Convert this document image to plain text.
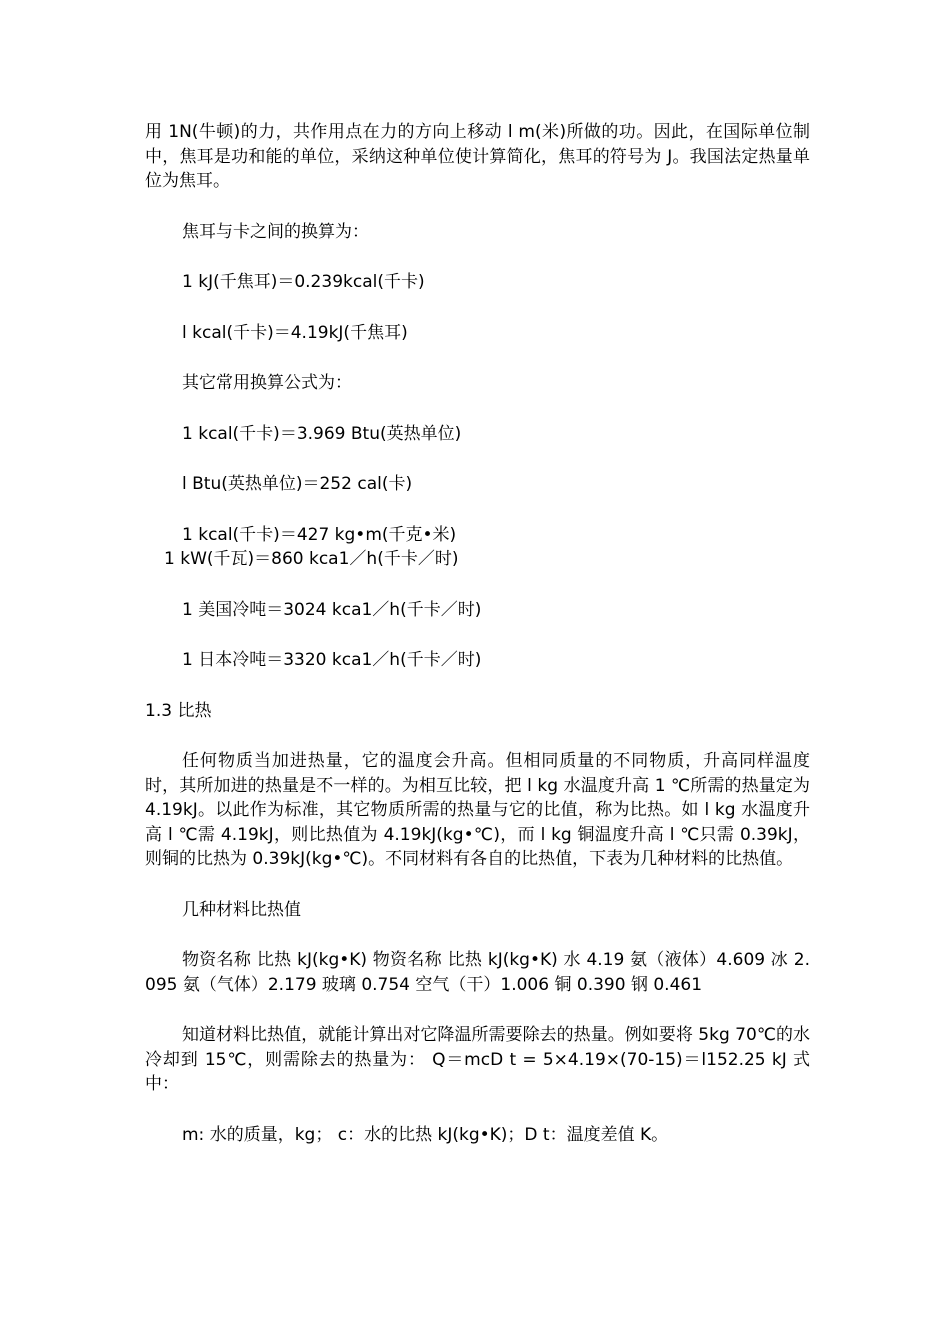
用 1N(牛顿)的力，共作用点在力的方向上移动 l m(米)所做的功。因此，在国际单位制中，焦耳是功和能的单位，采纳这种单位使计算简化，焦耳的符号为 J。我国法定热量单位为焦耳。

焦耳与卡之间的换算为：

1 kJ(千焦耳)＝0.239kcal(千卡)

l kcal(千卡)＝4.19kJ(千焦耳)

其它常用换算公式为：

1 kcal(千卡)＝3.969 Btu(英热单位)

l Btu(英热单位)＝252 cal(卡)

1 kcal(千卡)＝427 kg•m(千克•米)

1 kW(千瓦)＝860 kca1／h(千卡／时)

1 美国冷吨＝3024 kca1／h(千卡／时)

1 日本冷吨＝3320 kca1／h(千卡／时)

1.3 比热

任何物质当加进热量，它的温度会升高。但相同质量的不同物质，升高同样温度时，其所加进的热量是不一样的。为相互比较，把 l kg 水温度升高 1 ℃所需的热量定为 4.19kJ。以此作为标准，其它物质所需的热量与它的比值，称为比热。如 l kg 水温度升高 l ℃需 4.19kJ，则比热值为 4.19kJ(kg•℃)，而 l kg 铜温度升高 l ℃只需 0.39kJ，则铜的比热为 0.39kJ(kg•℃)。不同材料有各自的比热值，下表为几种材料的比热值。

几种材料比热值

物资名称 比热 kJ(kg•K) 物资名称 比热 kJ(kg•K) 水 4.19 氨（液体）4.609 冰 2.095 氨（气体）2.179 玻璃 0.754 空气（干）1.006 铜 0.390 钢 0.461

知道材料比热值，就能计算出对它降温所需要除去的热量。例如要将 5kg 70℃的水冷却到 15℃，则需除去的热量为： Q＝mcD t = 5×4.19×(70-15)＝l152.25 kJ 式中：

m: 水的质量，kg； c：水的比热 kJ(kg•K)；D t：温度差值 K。
